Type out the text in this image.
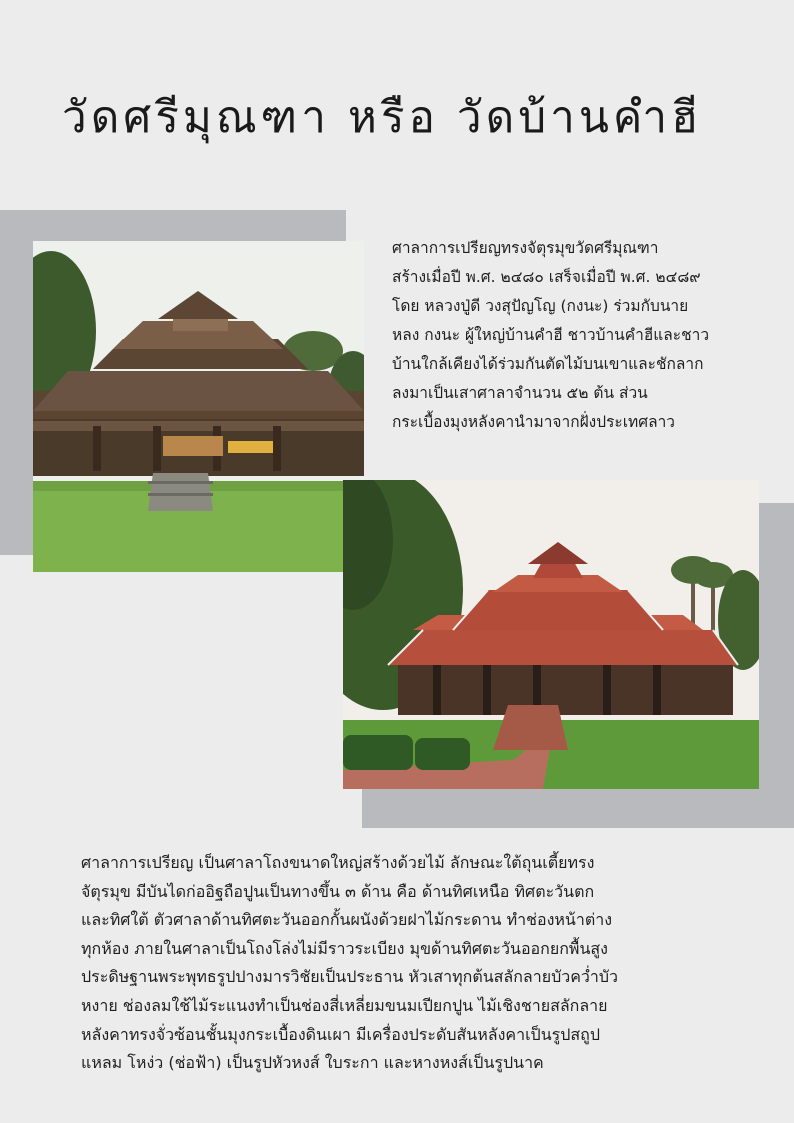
วัดศรีมุณฑา หรือ วัดบ้านคำฮี

ศาลาการเปรียญทรงจัตุรมุขวัดศรีมุณฑา
สร้างเมื่อปี พ.ศ. ๒๔๘๐ เสร็จเมื่อปี พ.ศ. ๒๔๘๙
โดย หลวงปู่ดี วงสุปัญโญ (กงนะ) ร่วมกับนาย
หลง กงนะ ผู้ใหญ่บ้านคำฮี ชาวบ้านคำฮีและชาว
บ้านใกล้เคียงได้ร่วมกันตัดไม้บนเขาและชักลาก
ลงมาเป็นเสาศาลาจำนวน ๕๒ ต้น ส่วน
กระเบื้องมุงหลังคานำมาจากฝั่งประเทศลาว

ศาลาการเปรียญ เป็นศาลาโถงขนาดใหญ่สร้างด้วยไม้ ลักษณะใต้ถุนเตี้ยทรง
จัตุรมุข มีบันไดก่ออิฐถือปูนเป็นทางขึ้น ๓ ด้าน คือ ด้านทิศเหนือ ทิศตะวันตก
และทิศใต้ ตัวศาลาด้านทิศตะวันออกกั้นผนังด้วยฝาไม้กระดาน ทำช่องหน้าต่าง
ทุกห้อง ภายในศาลาเป็นโถงโล่งไม่มีราวระเบียง มุขด้านทิศตะวันออกยกพื้นสูง
ประดิษฐานพระพุทธรูปปางมารวิชัยเป็นประธาน หัวเสาทุกต้นสลักลายบัวคว่ำบัว
หงาย ช่องลมใช้ไม้ระแนงทำเป็นช่องสี่เหลี่ยมขนมเปียกปูน ไม้เชิงชายสลักลาย
หลังคาทรงจั่วซ้อนชั้นมุงกระเบื้องดินเผา มีเครื่องประดับสันหลังคาเป็นรูปสถูป
แหลม โหง่ว (ช่อฟ้า) เป็นรูปหัวหงส์ ใบระกา และหางหงส์เป็นรูปนาค
